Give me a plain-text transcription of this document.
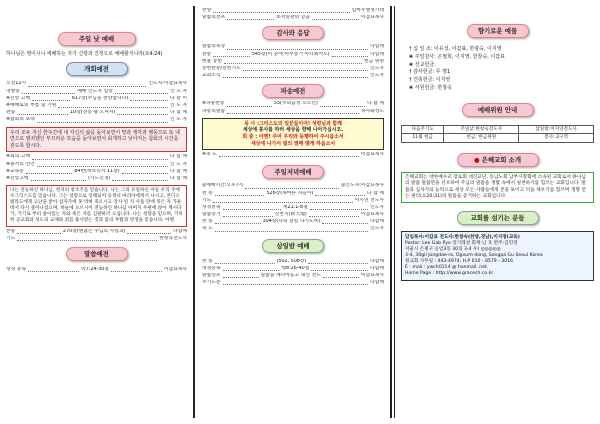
주일 낮 예배
하나님은 영이시니 예배하는 자가 신령과 진정으로 예배할지니라(요4:24)
개회예전
오전11시	인도자:이갑표목사
영방송	예배 인도자 입장	인 도 자
※신앙 고백	617장(주님을 찬양합니다)	다 같 이
※예배로의 부름 및 기원	인 도 자
찬송	10장(전능 왕 오셔서)	다 함 께
※참회의 초대	인 도 자
우리 모두 자신 한주간에 내 자신의 삶을 돌아보면서 말과 생각과 행동으로 또 내면으로 범죄했던 부끄러운 모습을 돌아보면서 회개하고 낮아지는 참회의 시간을 갖도록 합시다.
※죄의 고백	다 함 께
※용서의 선언	인 도 자
※교독문	84번(히브리서 11장)	다 함 께
※신앙고백	(사도신경)	다 함 께
나는 전능하신 하나님, 천지의 창조주를 믿습니다. 나는 그의 유일하신 아들 우리 주예수그리스도를 믿습니다. 그는 성령으로 잉태되어 동정녀 마리아에게서 나시고, 본디오 빌라도에게 고난을 받아 십자가에 못 박혀 죽으시고 장사 된 지 사흘 만에 죽은 자 가운데서 다시 살아나셨으며, 하늘에 오르시어 전능하신 하나님 아버지 우편에 앉아 계시다가, 거기로 부터 살아있는 자와 죽은 자를 심판하러 오십니다. 나는 성령을 믿으며, 거룩한 공교회와 성도의 교제와 죄를 용서받는 것과 몸의 부활과 영생을 믿습니다. 아멘.
찬송	270장(변찮는 주님의 사랑과)	다함께
기도	한창숙전도사
말씀예전
성경 봉독	막7:24-30절	이갑표목사
찬양	임마누엘성가대
말씀의선포	초저일관의 믿음	이갑표목사
감사와 응답
말씀의묵상	다함께
찬송	545장(이 눈에 아무증거 아니뵈어도)	다함께
헌물 봉헌	헌금 위원
봉헌찬송/봉헌기도	인도자
교회소식	인도자
파송예전
※파송찬송	55(주의음성 모르던)	다 함 께
파송의말씀	목사와성도
목 사 :그리스도의 일꾼들이여! 성령님과 함께
세상에 봉사를 하러 세상을 향해 나아가십시오.
회 중 : 아멘! 주여 우리와 동행하여 주시옵소서
세상에 나가서 빛의 열매 맺게 하옵소서
※축 도	이갑표목사
주일저녁예배
◎예배시간:오후7시	◎인도자:이갑표목사
찬 송	526장(목마른 자들아)	다 함 께
기도	이지연 전도사
성경봉독	계21:1-8절	인도자
말씀증거	신천지(新天地)	이갑표목사
찬 송	304장(나의 갈길 다가도록)	다함께
축 도	인도자
삼일밤 예배
찬 송	(502, 508장)	다함께
성경봉독	행8:26-40절	다함께
말씀선포	말씀을 깨다아듣고 내신 전도	이갑표목사
주기도문	다함께
향기로운 예물
† 십 일 조: 이유성, 이갑표, 한광숙, 이지영
❀ 주일감사: 곤필희, 이지영, 한창숙, 이갑표
❀ 선교헌금:
† 감사헌금: 무 명1
† 건축헌금: 이지영
❀ 서원헌금: 한창숙
예배위원 안내
다음주기도	주일낮:한창숙전도사	삼일밤:이지연전도사
11월 헌금	헌금: 한금위원	봉사: 2구역
● 은혜교회 소개
은혜교회는 대한예수교 장로회 대신교단, 동남노회 남부시찰회에 소속된 교회로서 하나님의 말씀 말씀만을 선포하여 주님의 말씀을 생활 속에서 실천하기를 힘쓰는 교회입니다. 말씀과 십자가의 능력으로 세상 모든 사람들에게 본을 보이고 덕을 세우기를 힘쓰며 생명 얻는 권리(요20:31)의 말씀을 증거하는 교회입니다
교회를 섬기는 분들
담임목사:이갑표 전도사:한창숙(찬양,경남),이지영(교육)
Pastor: Lee Gab Pyo 장기래성 회계:남 호 반주:김민영
서울시 은평구 응암3동 30의 3-4 우) ◎◎◎◎◎
3-4, 30gil Jongdae-ro, Ogeum-dong, Songpa Gu Seoul Korea
원교회 사무실 : 443-4974, H.P 010 - 8579 - 3016
E - mail : ywch0114 @ hanmail. net.
Home Page : http://www.gracech.co.kr
